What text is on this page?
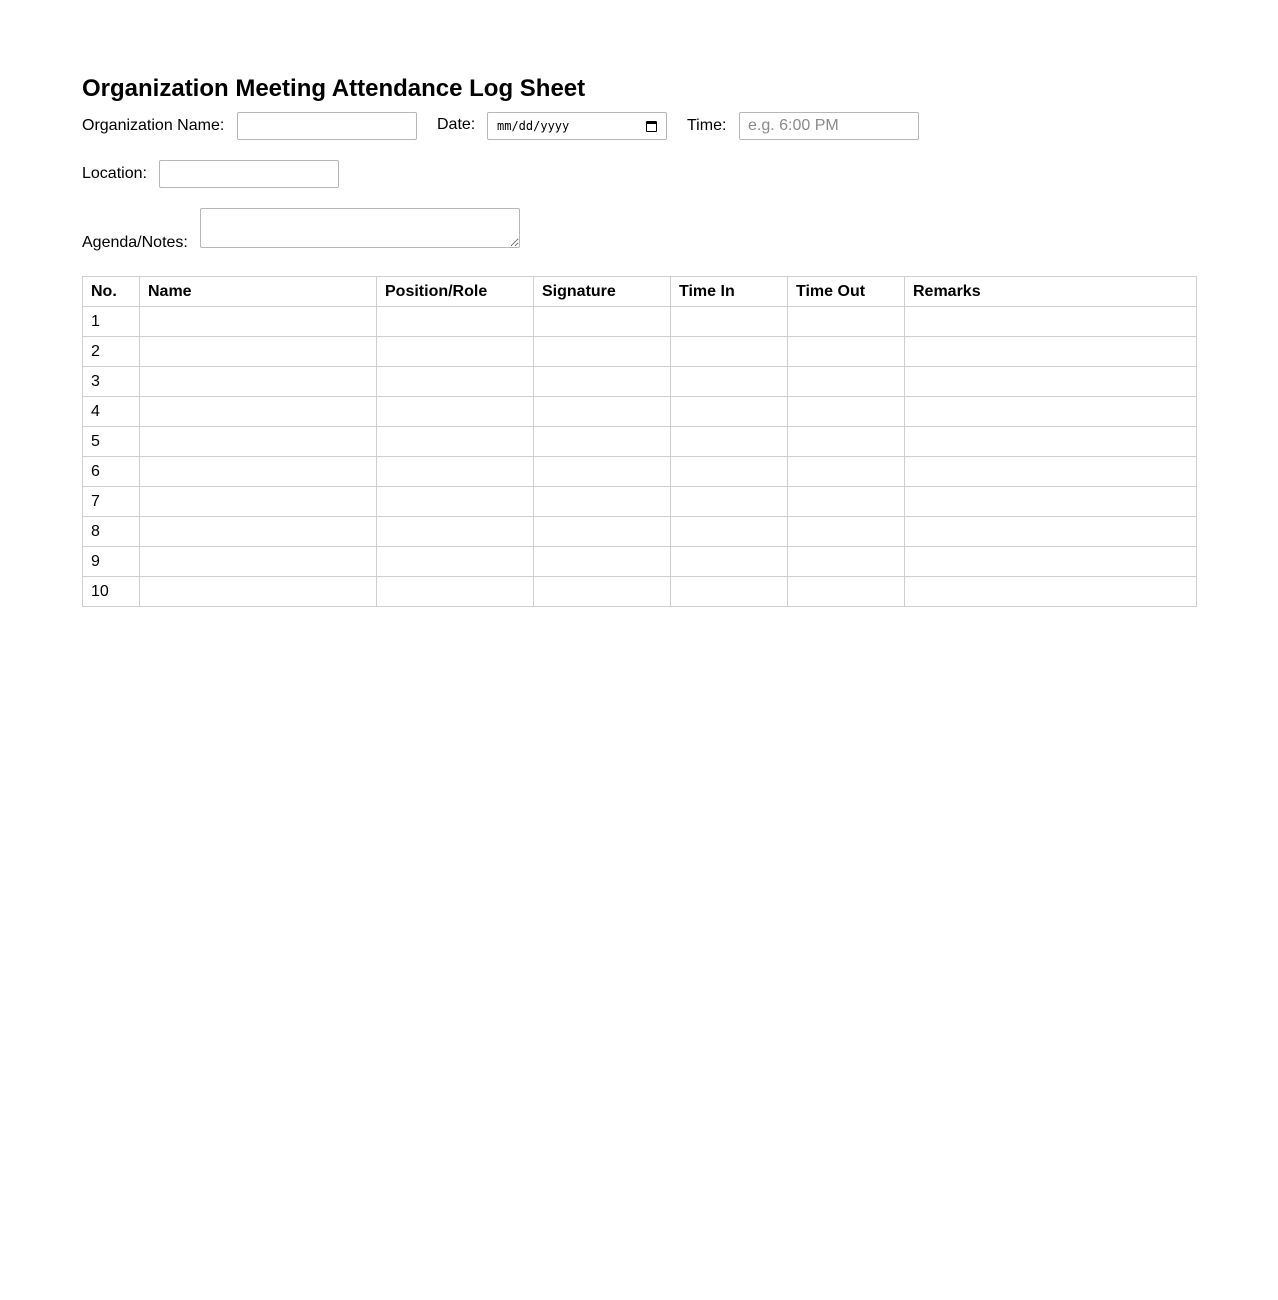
Organization Meeting Attendance Log Sheet
Organization Name:	Date: mm/dd/yyyy	Time:
e.g. 6:00 PM
Location:
Agenda/Notes:
No.	Name	Position/Role	Signature	Time In	Time Out	Remarks
1						
2						
3						
4						
5						
6						
7						
8						
9						
10						
